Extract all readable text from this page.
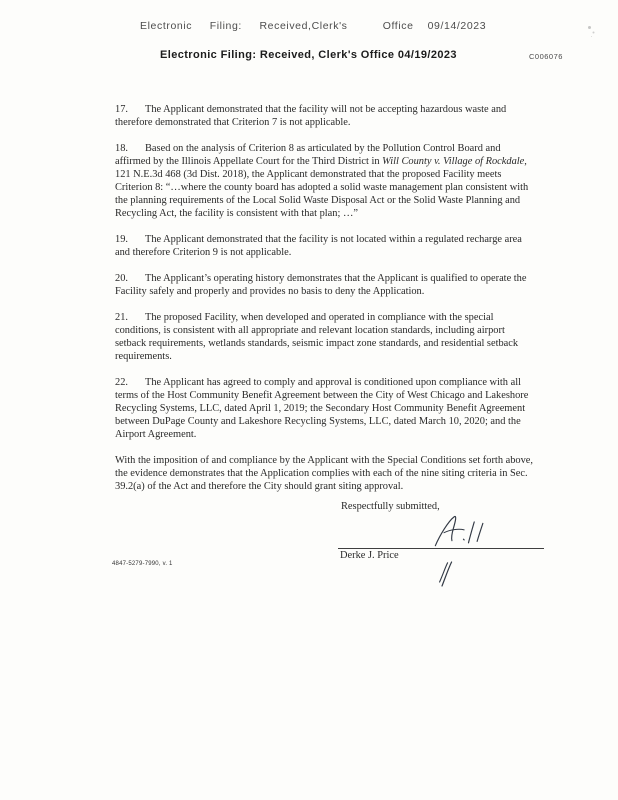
Electronic     Filing:     Received,Clerk's          Office    09/14/2023
Electronic Filing: Received, Clerk's Office 04/19/2023	C006076

17. The Applicant demonstrated that the facility will not be accepting hazardous waste and therefore demonstrated that Criterion 7 is not applicable.

18. Based on the analysis of Criterion 8 as articulated by the Pollution Control Board and affirmed by the Illinois Appellate Court for the Third District in Will County v. Village of Rockdale, 121 N.E.3d 468 (3d Dist. 2018), the Applicant demonstrated that the proposed Facility meets Criterion 8: “…where the county board has adopted a solid waste management plan consistent with the planning requirements of the Local Solid Waste Disposal Act or the Solid Waste Planning and Recycling Act, the facility is consistent with that plan; …”

19. The Applicant demonstrated that the facility is not located within a regulated recharge area and therefore Criterion 9 is not applicable.

20. The Applicant’s operating history demonstrates that the Applicant is qualified to operate the Facility safely and properly and provides no basis to deny the Application.

21. The proposed Facility, when developed and operated in compliance with the special conditions, is consistent with all appropriate and relevant location standards, including airport setback requirements, wetlands standards, seismic impact zone standards, and residential setback requirements.

22. The Applicant has agreed to comply and approval is conditioned upon compliance with all terms of the Host Community Benefit Agreement between the City of West Chicago and Lakeshore Recycling Systems, LLC, dated April 1, 2019; the Secondary Host Community Benefit Agreement between DuPage County and Lakeshore Recycling Systems, LLC, dated March 10, 2020; and the Airport Agreement.

With the imposition of and compliance by the Applicant with the Special Conditions set forth above, the evidence demonstrates that the Application complies with each of the nine siting criteria in Sec. 39.2(a) of the Act and therefore the City should grant siting approval.

Respectfully submitted,
Derke J. Price
4847-5279-7990, v. 1
